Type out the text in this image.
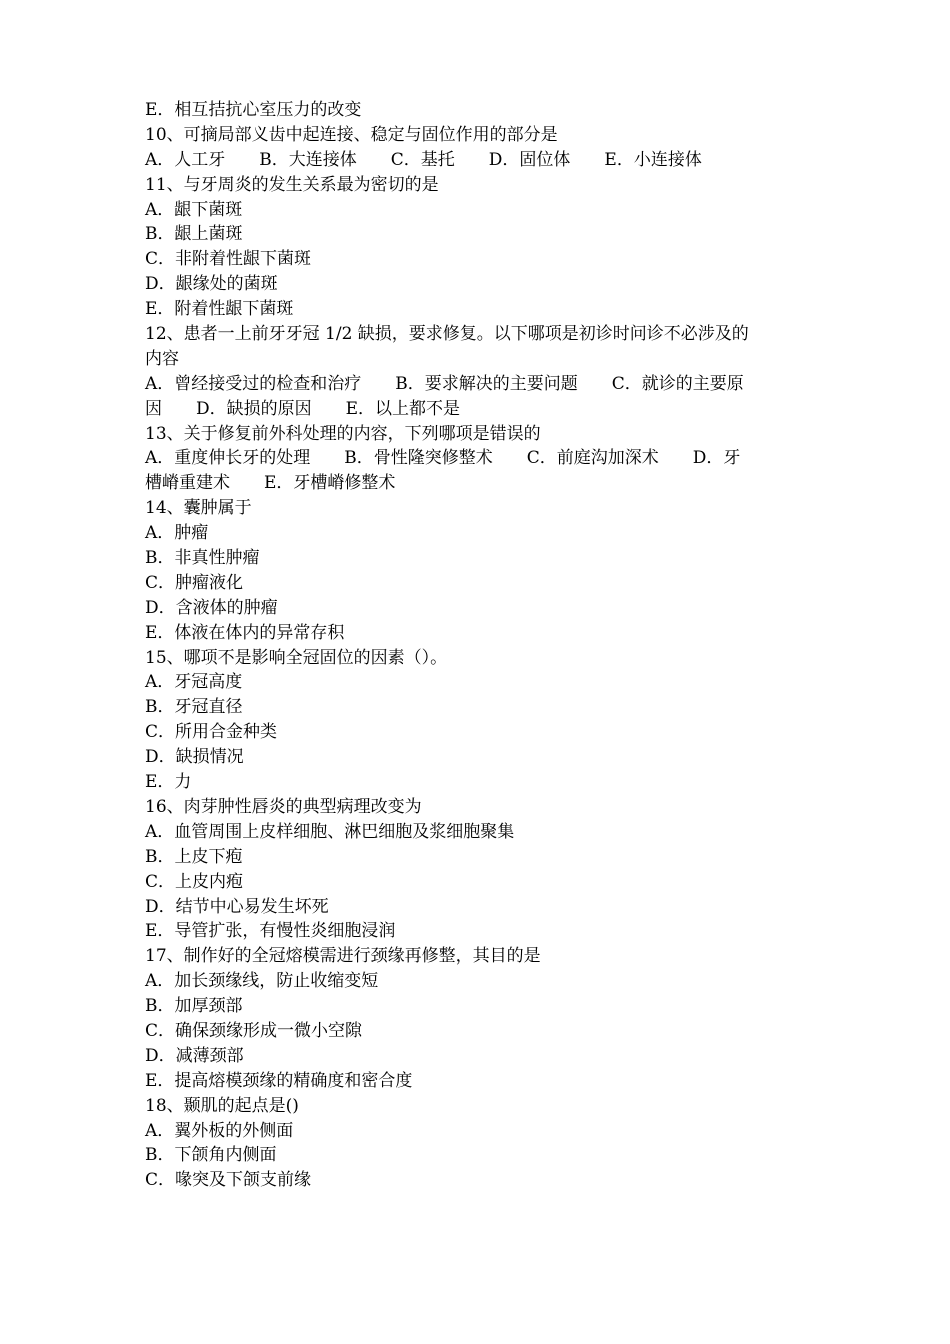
E．相互拮抗心室压力的改变
10、可摘局部义齿中起连接、稳定与固位作用的部分是
A．人工牙　　B．大连接体　　C．基托　　D．固位体　　E．小连接体
11、与牙周炎的发生关系最为密切的是
A．龈下菌斑
B．龈上菌斑
C．非附着性龈下菌斑
D．龈缘处的菌斑
E．附着性龈下菌斑
12、患者一上前牙牙冠 1/2 缺损，要求修复。以下哪项是初诊时问诊不必涉及的
内容
A．曾经接受过的检查和治疗　　B．要求解决的主要问题　　C．就诊的主要原
因　　D．缺损的原因　　E．以上都不是
13、关于修复前外科处理的内容，下列哪项是错误的
A．重度伸长牙的处理　　B．骨性隆突修整术　　C．前庭沟加深术　　D．牙
槽嵴重建术　　E．牙槽嵴修整术
14、囊肿属于
A．肿瘤
B．非真性肿瘤
C．肿瘤液化
D．含液体的肿瘤
E．体液在体内的异常存积
15、哪项不是影响全冠固位的因素（）。
A．牙冠高度
B．牙冠直径
C．所用合金种类
D．缺损情况
E．力
16、肉芽肿性唇炎的典型病理改变为
A．血管周围上皮样细胞、淋巴细胞及浆细胞聚集
B．上皮下疱
C．上皮内疱
D．结节中心易发生坏死
E．导管扩张，有慢性炎细胞浸润
17、制作好的全冠熔模需进行颈缘再修整，其目的是
A．加长颈缘线，防止收缩变短
B．加厚颈部
C．确保颈缘形成一微小空隙
D．减薄颈部
E．提高熔模颈缘的精确度和密合度
18、颞肌的起点是()
A．翼外板的外侧面
B．下颌角内侧面
C．喙突及下颌支前缘
